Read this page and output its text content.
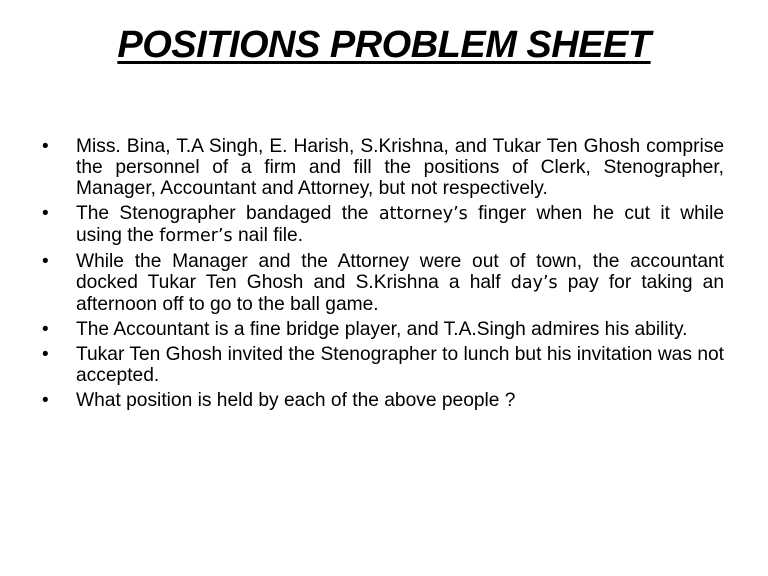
POSITIONS PROBLEM SHEET
• Miss. Bina, T.A Singh, E. Harish, S.Krishna, and Tukar Ten Ghosh comprise the personnel of a firm and fill the positions of Clerk, Stenographer, Manager, Accountant and Attorney, but not respectively.
• The Stenographer bandaged the attorney’s finger when he cut it while using the former’s nail file.
• While the Manager and the Attorney were out of town, the accountant docked Tukar Ten Ghosh and S.Krishna a half day’s pay for taking an afternoon off to go to the ball game.
• The Accountant is a fine bridge player, and T.A.Singh admires his ability.
• Tukar Ten Ghosh invited the Stenographer to lunch but his invitation was not accepted.
• What position is held by each of the above people ?
